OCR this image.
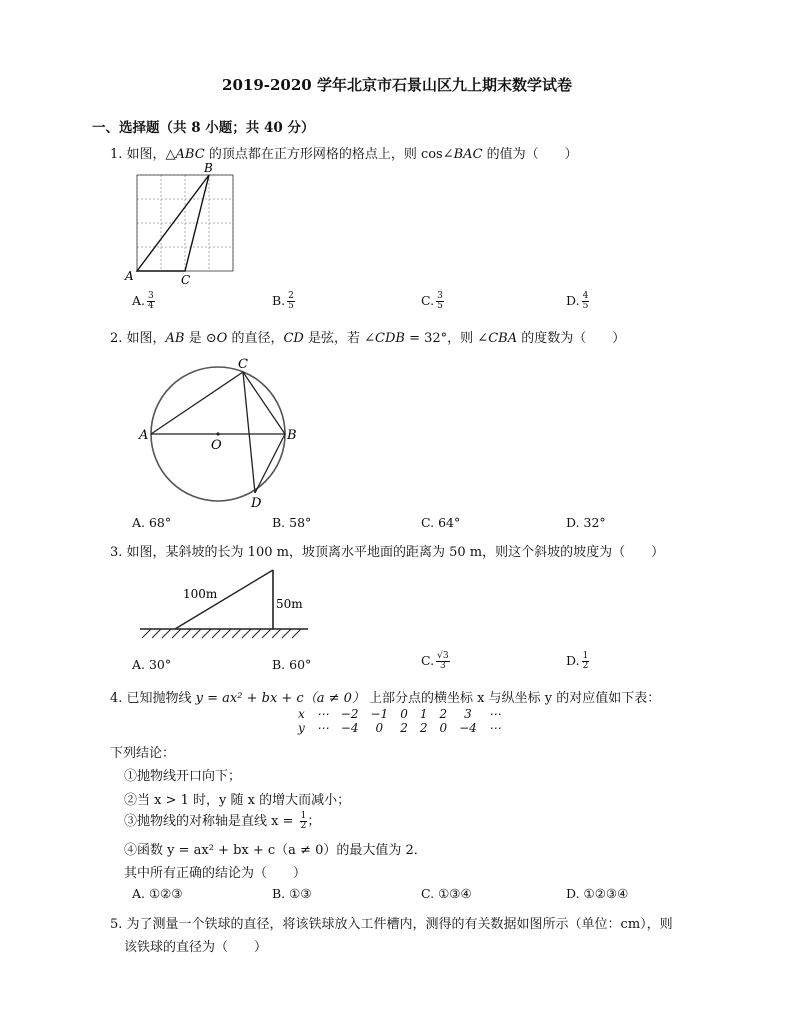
2019-2020 学年北京市石景山区九上期末数学试卷
一、选择题（共 8 小题；共 40 分）
1. 如图，△ABC 的顶点都在正方形网格的格点上，则 cos∠BAC 的值为（　　）
A
B
C
A. $\frac{3}{4}$	B. $\frac{2}{5}$	C. $\frac{3}{5}$	D. $\frac{4}{5}$
2. 如图，AB 是 ⊙O 的直径，CD 是弦，若 ∠CDB = 32°，则 ∠CBA 的度数为（　　）
A	B
C
D
O
A. 68°	B. 58°	C. 64°	D. 32°
3. 如图，某斜坡的长为 100 m，坡顶离水平地面的距离为 50 m，则这个斜坡的坡度为（　　）
100m
50m
A. 30°	B. 60°	C. $\frac{√3}{3}$	D. $\frac{1}{2}$
4. 已知抛物线 y = ax² + bx + c（a ≠ 0） 上部分点的横坐标 x 与纵坐标 y 的对应值如下表：
x	⋯	−2	−1	0	1	2	3	⋯
y	⋯	−4	0	2	2	0	−4	⋯
下列结论：
①抛物线开口向下；
②当 x > 1 时，y 随 x 的增大而减小；
③抛物线的对称轴是直线 $x = \frac{1}{2}$ ；
④函数 y = ax² + bx + c（a ≠ 0）的最大值为 2．
其中所有正确的结论为（　　）
A. ①②③	B. ①③	C. ①③④	D. ①②③④
5. 为了测量一个铁球的直径，将该铁球放入工件槽内，测得的有关数据如图所示（单位：cm），则
该铁球的直径为（　　）
